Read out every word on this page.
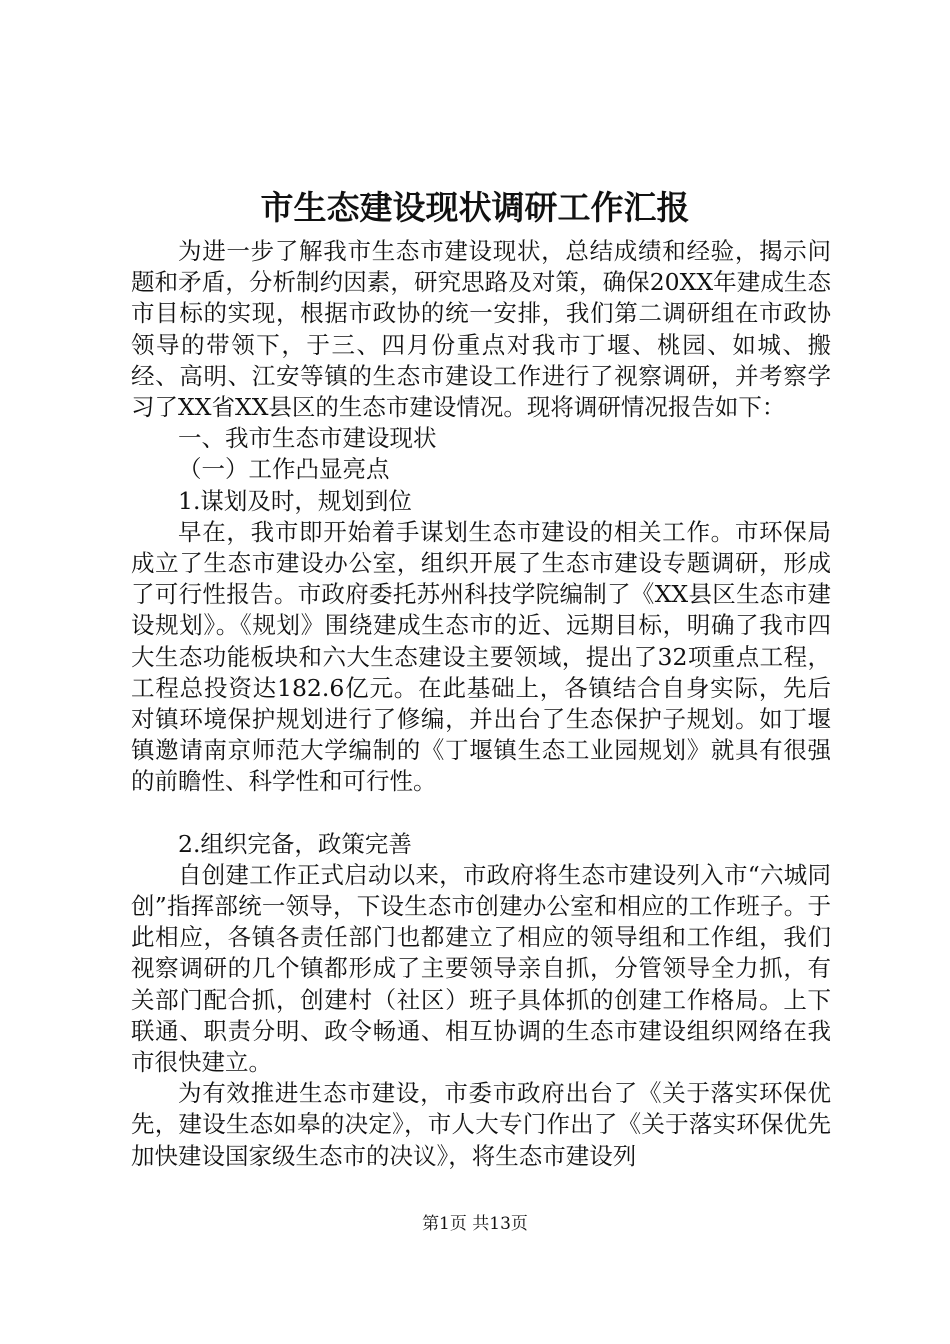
市生态建设现状调研工作汇报

为进一步了解我市生态市建设现状，总结成绩和经验，揭示问题和矛盾，分析制约因素，研究思路及对策，确保20XX年建成生态市目标的实现，根据市政协的统一安排，我们第二调研组在市政协领导的带领下，于三、四月份重点对我市丁堰、桃园、如城、搬经、高明、江安等镇的生态市建设工作进行了视察调研，并考察学习了XX省XX县区的生态市建设情况。现将调研情况报告如下：

一、我市生态市建设现状

（一）工作凸显亮点

1.谋划及时，规划到位

早在，我市即开始着手谋划生态市建设的相关工作。市环保局成立了生态市建设办公室，组织开展了生态市建设专题调研，形成了可行性报告。市政府委托苏州科技学院编制了《XX县区生态市建设规划》。《规划》围绕建成生态市的近、远期目标，明确了我市四大生态功能板块和六大生态建设主要领域，提出了32项重点工程，工程总投资达182.6亿元。在此基础上，各镇结合自身实际，先后对镇环境保护规划进行了修编，并出台了生态保护子规划。如丁堰镇邀请南京师范大学编制的《丁堰镇生态工业园规划》就具有很强的前瞻性、科学性和可行性。

2.组织完备，政策完善

自创建工作正式启动以来，市政府将生态市建设列入市“六城同创”指挥部统一领导，下设生态市创建办公室和相应的工作班子。于此相应，各镇各责任部门也都建立了相应的领导组和工作组，我们视察调研的几个镇都形成了主要领导亲自抓，分管领导全力抓，有关部门配合抓，创建村（社区）班子具体抓的创建工作格局。上下联通、职责分明、政令畅通、相互协调的生态市建设组织网络在我市很快建立。

为有效推进生态市建设，市委市政府出台了《关于落实环保优先，建设生态如皋的决定》，市人大专门作出了《关于落实环保优先加快建设国家级生态市的决议》，将生态市建设列

第1页 共13页
